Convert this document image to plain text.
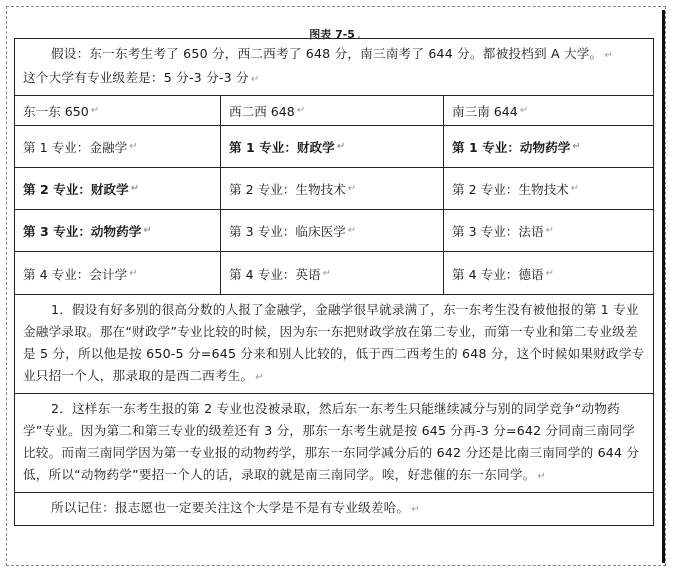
图表 7-5 .
假设：东一东考生考了 650 分，西二西考了 648 分，南三南考了 644 分。都被投档到 A 大学。 ↵
这个大学有专业级差是：5 分-3 分-3 分 ↵
东一东 650 ↵	西二西 648 ↵	南三南 644 ↵
第 1 专业：金融学 ↵	第 1 专业：财政学 ↵	第 1 专业：动物药学 ↵
第 2 专业：财政学 ↵	第 2 专业：生物技术 ↵	第 2 专业：生物技术 ↵
第 3 专业：动物药学 ↵	第 3 专业：临床医学 ↵	第 3 专业：法语 ↵
第 4 专业：会计学 ↵	第 4 专业：英语 ↵	第 4 专业：德语 ↵
1．假设有好多别的很高分数的人报了金融学，金融学很早就录满了，东一东考生没有被他报的第 1 专业金融学录取。那在“财政学”专业比较的时候，因为东一东把财政学放在第二专业，而第一专业和第二专业级差是 5 分，所以他是按 650-5 分=645 分来和别人比较的，低于西二西考生的 648 分，这个时候如果财政学专业只招一个人，那录取的是西二西考生。 ↵
2．这样东一东考生报的第 2 专业也没被录取，然后东一东考生只能继续减分与别的同学竞争“动物药学”专业。因为第二和第三专业的级差还有 3 分，那东一东考生就是按 645 分再-3 分=642 分同南三南同学比较。而南三南同学因为第一专业报的动物药学，那东一东同学减分后的 642 分还是比南三南同学的 644 分低，所以“动物药学”要招一个人的话，录取的就是南三南同学。唉，好悲催的东一东同学。 ↵
所以记住：报志愿也一定要关注这个大学是不是有专业级差哈。 ↵
